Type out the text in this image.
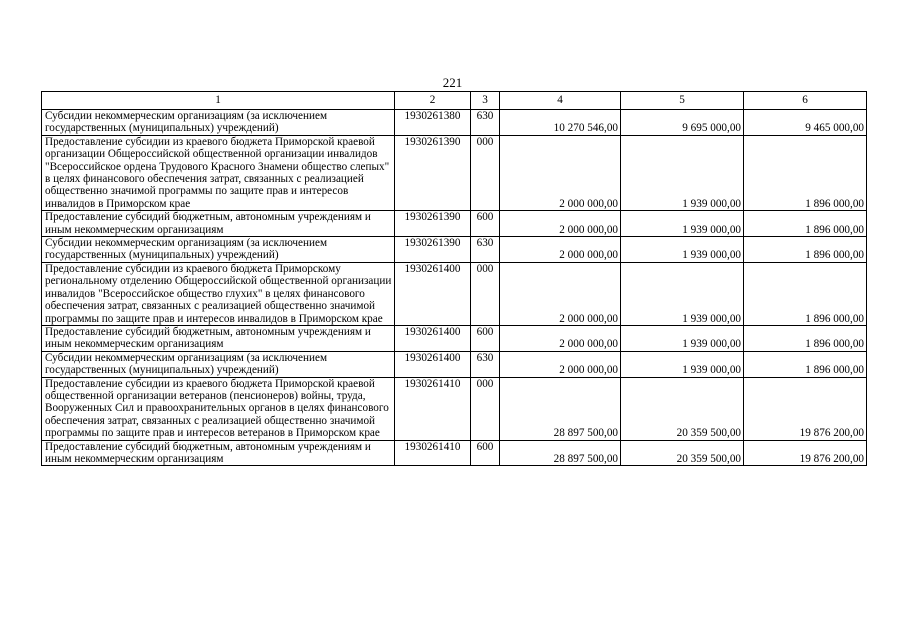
221
1	2	3	4	5	6
Субсидии некоммерческим организациям (за исключением государственных (муниципальных) учреждений)	1930261380	630	10 270 546,00	9 695 000,00	9 465 000,00
Предоставление субсидии из краевого бюджета Приморской краевой организации Общероссийской общественной организации инвалидов "Всероссийское ордена Трудового Красного Знамени общество слепых" в целях финансового обеспечения затрат, связанных с реализацией общественно значимой программы по защите прав и интересов инвалидов в Приморском крае	1930261390	000	2 000 000,00	1 939 000,00	1 896 000,00
Предоставление субсидий бюджетным, автономным учреждениям и иным некоммерческим организациям	1930261390	600	2 000 000,00	1 939 000,00	1 896 000,00
Субсидии некоммерческим организациям (за исключением государственных (муниципальных) учреждений)	1930261390	630	2 000 000,00	1 939 000,00	1 896 000,00
Предоставление субсидии из краевого бюджета Приморскому региональному отделению Общероссийской общественной организации инвалидов "Всероссийское общество глухих" в целях финансового обеспечения затрат, связанных с реализацией общественно значимой программы по защите прав и интересов инвалидов в Приморском крае	1930261400	000	2 000 000,00	1 939 000,00	1 896 000,00
Предоставление субсидий бюджетным, автономным учреждениям и иным некоммерческим организациям	1930261400	600	2 000 000,00	1 939 000,00	1 896 000,00
Субсидии некоммерческим организациям (за исключением государственных (муниципальных) учреждений)	1930261400	630	2 000 000,00	1 939 000,00	1 896 000,00
Предоставление субсидии из краевого бюджета Приморской краевой общественной организации ветеранов (пенсионеров) войны, труда, Вооруженных Сил и правоохранительных органов в целях финансового обеспечения затрат, связанных с реализацией общественно значимой программы по защите прав и интересов ветеранов в Приморском крае	1930261410	000	28 897 500,00	20 359 500,00	19 876 200,00
Предоставление субсидий бюджетным, автономным учреждениям и иным некоммерческим организациям	1930261410	600	28 897 500,00	20 359 500,00	19 876 200,00
